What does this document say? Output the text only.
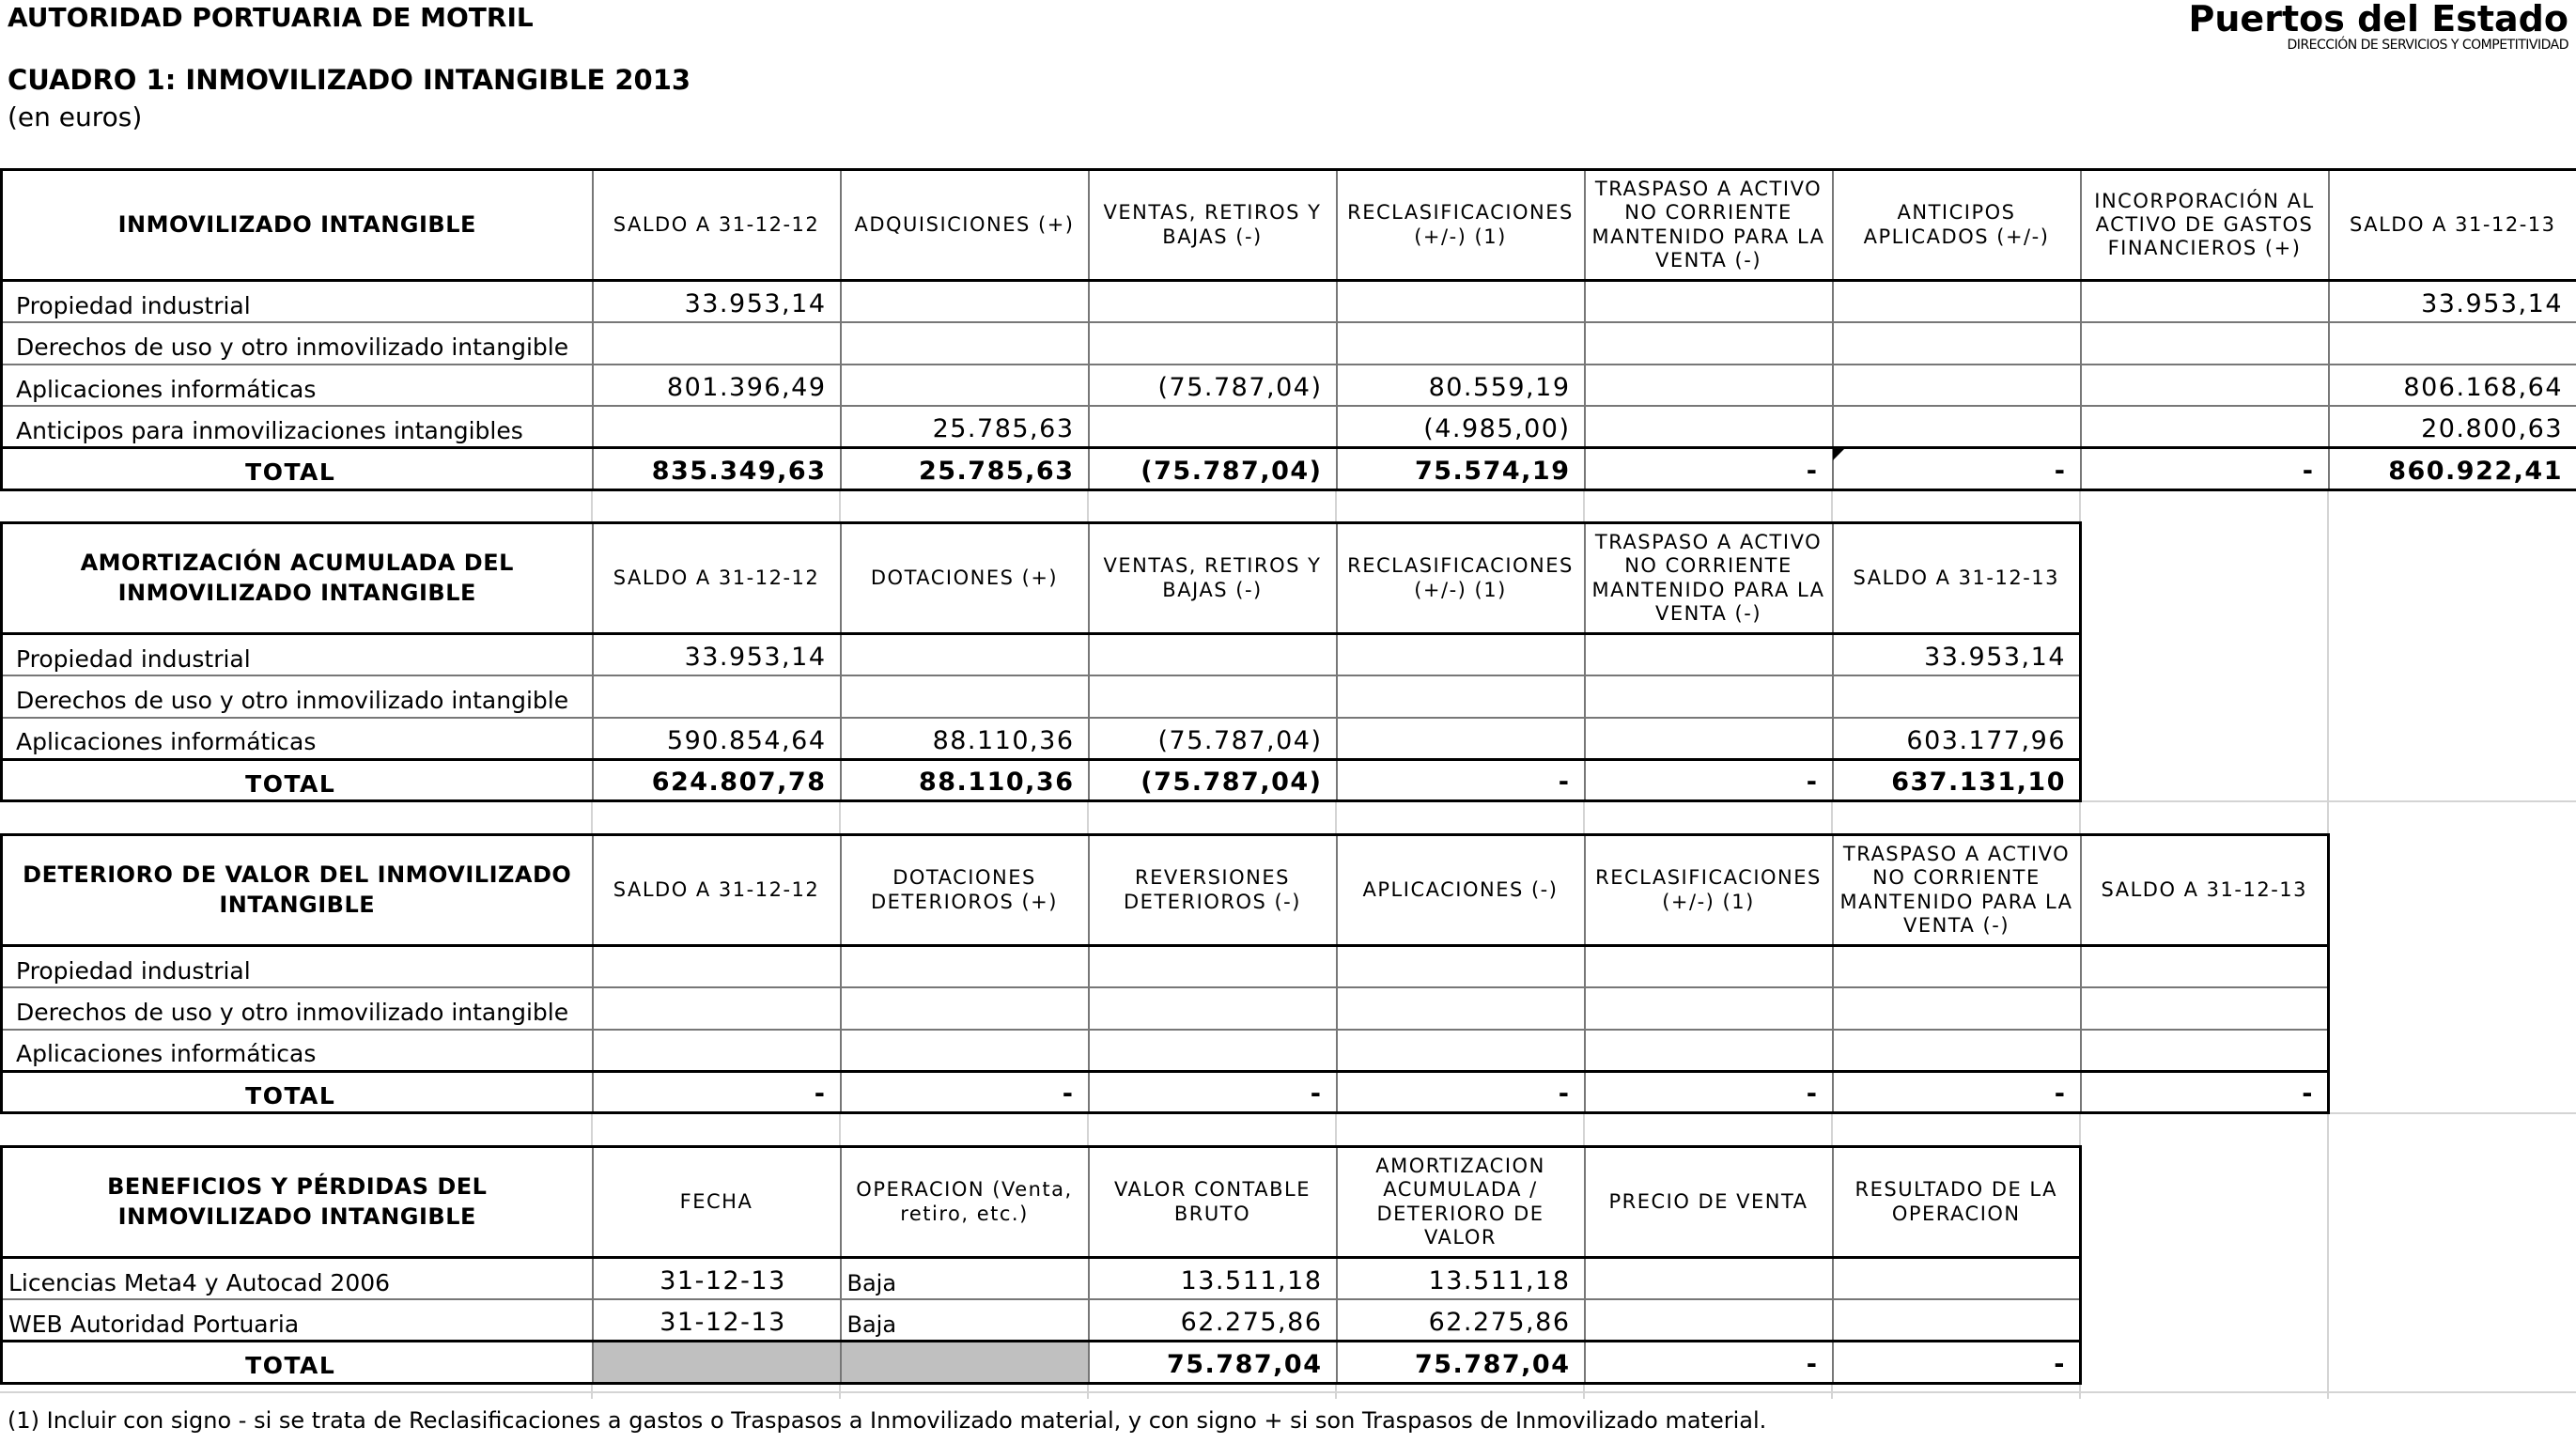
AUTORIDAD PORTUARIA DE MOTRIL	Puertos del Estado
DIRECCIÓN DE SERVICIOS Y COMPETITIVIDAD
CUADRO 1: INMOVILIZADO INTANGIBLE 2013
(en euros)
INMOVILIZADO INTANGIBLE	SALDO A 31-12-12	ADQUISICIONES (+)	VENTAS, RETIROS Y BAJAS (-)	RECLASIFICACIONES (+/-) (1)	TRASPASO A ACTIVO NO CORRIENTE MANTENIDO PARA LA VENTA (-)	ANTICIPOS APLICADOS (+/-)	INCORPORACIÓN AL ACTIVO DE GASTOS FINANCIEROS (+)	SALDO A 31-12-13
Propiedad industrial	33.953,14							33.953,14
Derechos de uso y otro inmovilizado intangible								
Aplicaciones informáticas	801.396,49		(75.787,04)	80.559,19				806.168,64
Anticipos para inmovilizaciones intangibles		25.785,63		(4.985,00)				20.800,63
TOTAL	835.349,63	25.785,63	(75.787,04)	75.574,19	-	-	-	860.922,41
AMORTIZACIÓN ACUMULADA DEL INMOVILIZADO INTANGIBLE	SALDO A 31-12-12	DOTACIONES (+)	VENTAS, RETIROS Y BAJAS (-)	RECLASIFICACIONES (+/-) (1)	TRASPASO A ACTIVO NO CORRIENTE MANTENIDO PARA LA VENTA (-)	SALDO A 31-12-13
Propiedad industrial	33.953,14					33.953,14
Derechos de uso y otro inmovilizado intangible						
Aplicaciones informáticas	590.854,64	88.110,36	(75.787,04)			603.177,96
TOTAL	624.807,78	88.110,36	(75.787,04)	-	-	637.131,10
DETERIORO DE VALOR DEL INMOVILIZADO INTANGIBLE	SALDO A 31-12-12	DOTACIONES DETERIOROS (+)	REVERSIONES DETERIOROS (-)	APLICACIONES (-)	RECLASIFICACIONES (+/-) (1)	TRASPASO A ACTIVO NO CORRIENTE MANTENIDO PARA LA VENTA (-)	SALDO A 31-12-13
Propiedad industrial							
Derechos de uso y otro inmovilizado intangible							
Aplicaciones informáticas							
TOTAL	-	-	-	-	-	-	-
BENEFICIOS Y PÉRDIDAS DEL INMOVILIZADO INTANGIBLE	FECHA	OPERACION (Venta, retiro, etc.)	VALOR CONTABLE BRUTO	AMORTIZACION ACUMULADA / DETERIORO DE VALOR	PRECIO DE VENTA	RESULTADO DE LA OPERACION
Licencias Meta4 y Autocad 2006	31-12-13	Baja	13.511,18	13.511,18		
WEB Autoridad Portuaria	31-12-13	Baja	62.275,86	62.275,86		
TOTAL			75.787,04	75.787,04	-	-
(1) Incluir con signo - si se trata de Reclasificaciones a gastos o Traspasos a Inmovilizado material, y con signo + si son Traspasos de Inmovilizado material.
